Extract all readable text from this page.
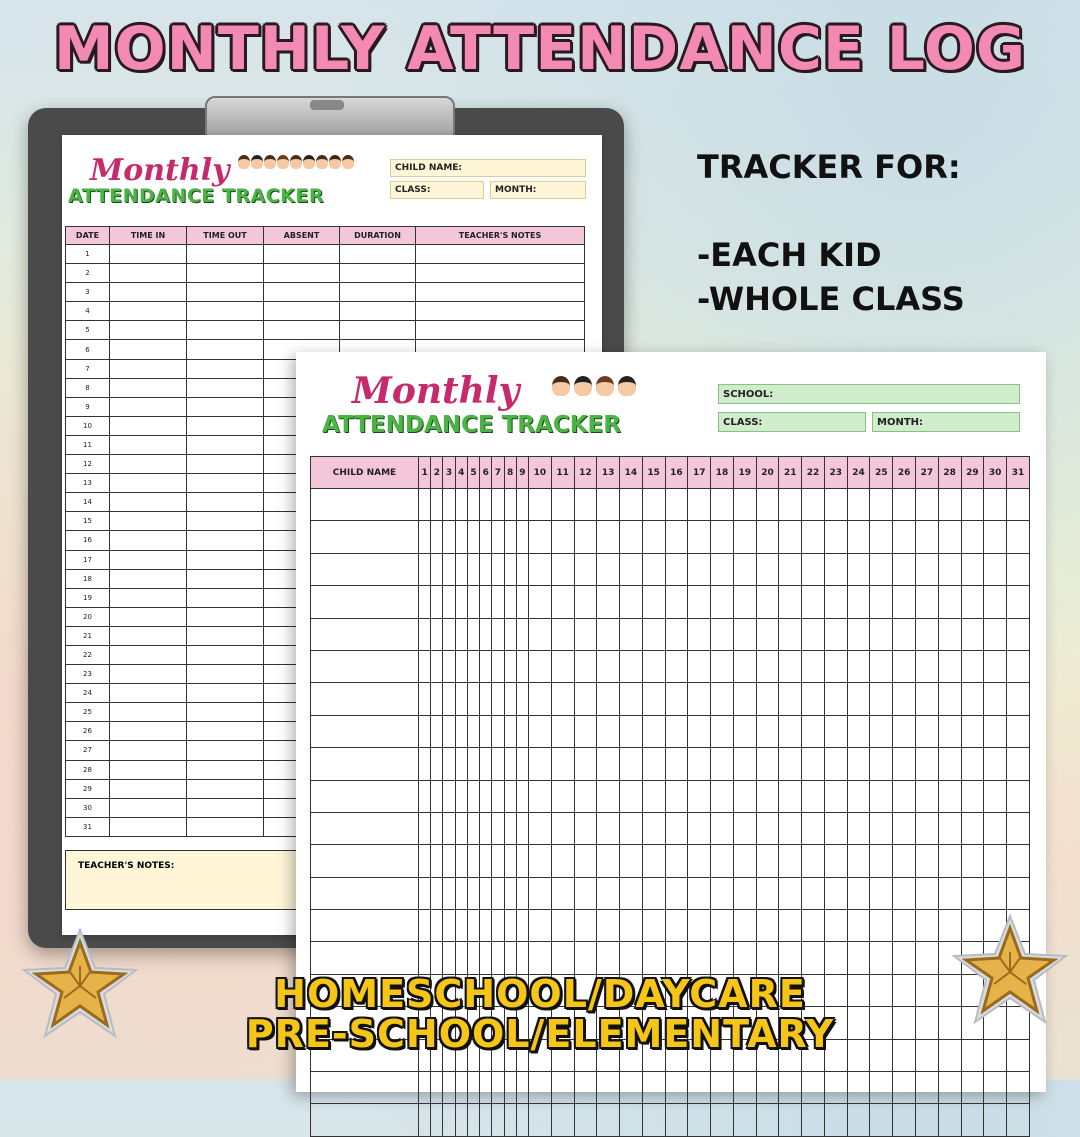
MONTHLY ATTENDANCE LOG
Monthly
ATTENDANCE TRACKER
CHILD NAME:
CLASS:	MONTH:
DATE	TIME IN	TIME OUT	ABSENT	DURATION	TEACHER'S NOTES
1					
2					
3					
4					
5					
6					
7					
8					
9					
10					
11					
12					
13					
14					
15					
16					
17					
18					
19					
20					
21					
22					
23					
24					
25					
26					
27					
28					
29					
30					
31					
TEACHER'S NOTES:
TRACKER FOR:
-EACH KID
-WHOLE CLASS
Monthly
ATTENDANCE TRACKER
SCHOOL:
CLASS:	MONTH:
CHILD NAME	1	2	3	4	5	6	7	8	9	10	11	12	13	14	15	16	17	18	19	20	21	22	23	24	25	26	27	28	29	30	31

HOMESCHOOL/DAYCARE
PRE-SCHOOL/ELEMENTARY
